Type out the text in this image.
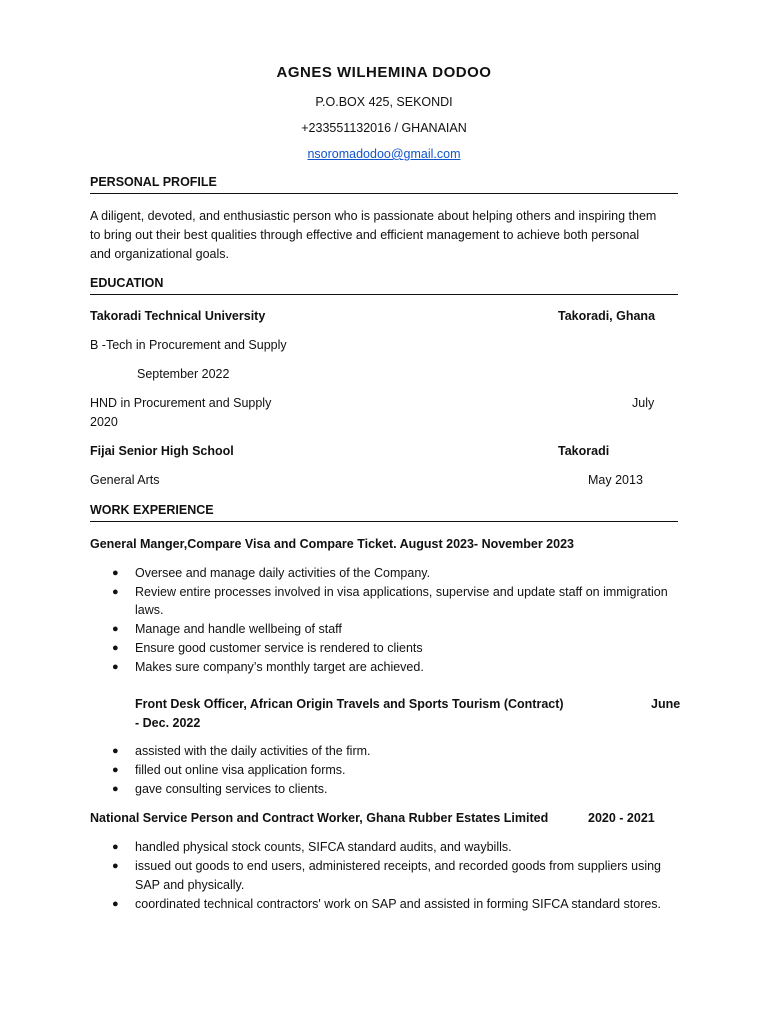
AGNES WILHEMINA DODOO
P.O.BOX 425, SEKONDI
+233551132016 / GHANAIAN
nsoromadodoo@gmail.com
PERSONAL PROFILE
A diligent, devoted, and enthusiastic person who is passionate about helping others and inspiring them
to bring out their best qualities through effective and efficient management to achieve both personal
and organizational goals.
EDUCATION
Takoradi Technical University	Takoradi, Ghana
B -Tech in Procurement and Supply
September 2022
HND in Procurement and Supply	July
2020
Fijai Senior High School	Takoradi
General Arts	May 2013
WORK EXPERIENCE
General Manger,Compare Visa and Compare Ticket. August 2023- November 2023
● Oversee and manage daily activities of the Company.
● Review entire processes involved in visa applications, supervise and update staff on immigration
laws.
● Manage and handle wellbeing of staff
● Ensure good customer service is rendered to clients
● Makes sure company’s monthly target are achieved.
Front Desk Officer, African Origin Travels and Sports Tourism (Contract)	June
- Dec. 2022
● assisted with the daily activities of the firm.
● filled out online visa application forms.
● gave consulting services to clients.
National Service Person and Contract Worker, Ghana Rubber Estates Limited	2020 - 2021
● handled physical stock counts, SIFCA standard audits, and waybills.
● issued out goods to end users, administered receipts, and recorded goods from suppliers using
SAP and physically.
● coordinated technical contractors' work on SAP and assisted in forming SIFCA standard stores.
